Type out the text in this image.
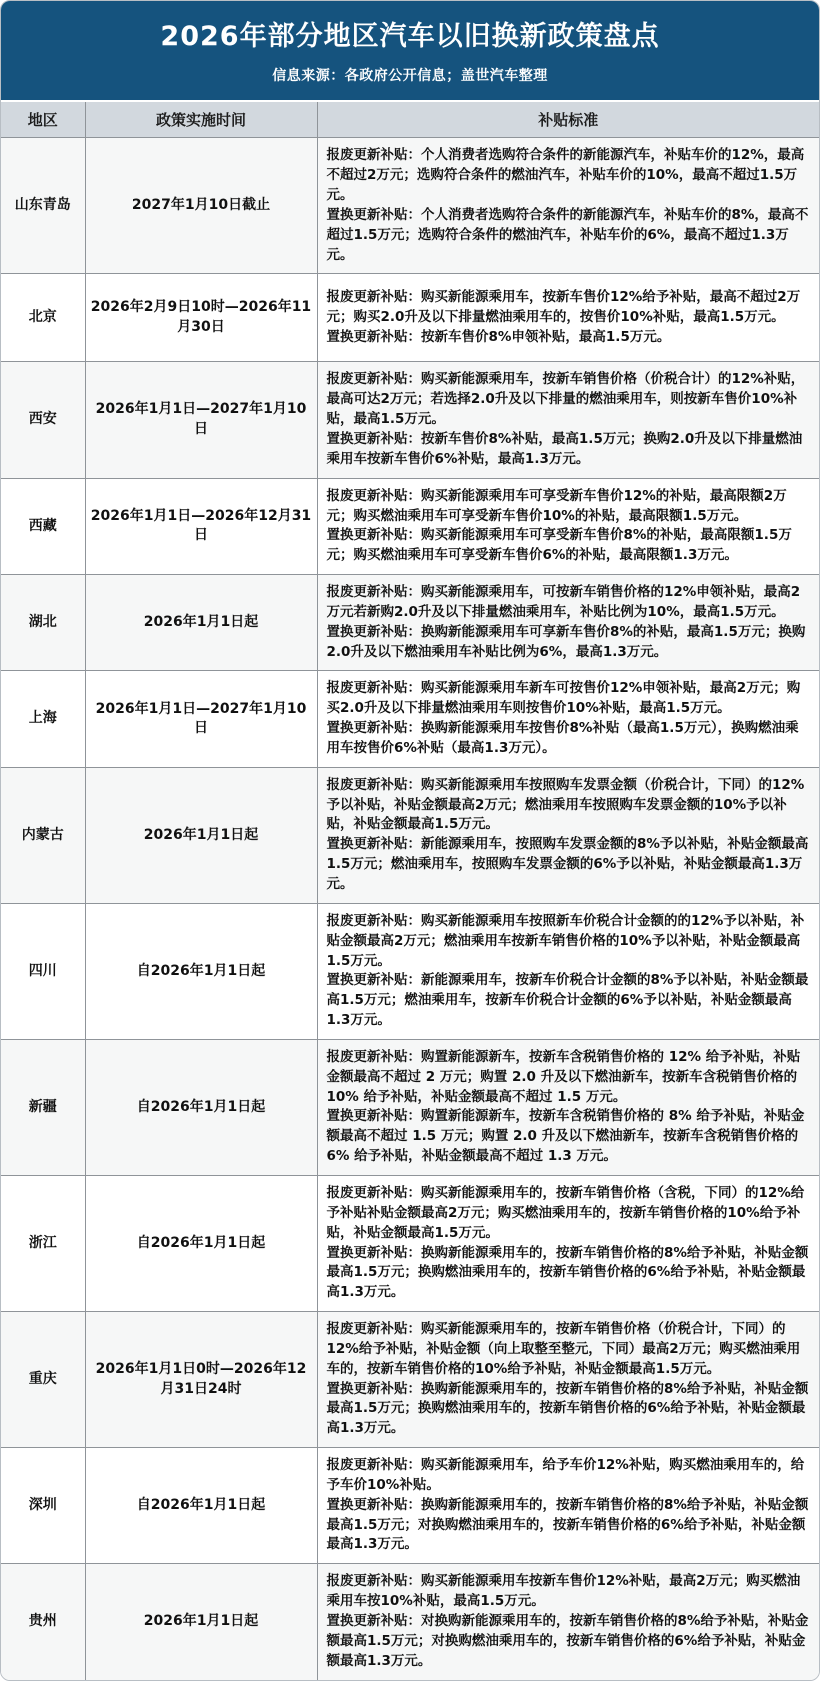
2026年部分地区汽车以旧换新政策盘点
信息来源：各政府公开信息；盖世汽车整理
地区	政策实施时间	补贴标准
山东青岛	2027年1月10日截止	报废更新补贴：个人消费者选购符合条件的新能源汽车，补贴车价的12%，最高不超过2万元；选购符合条件的燃油汽车，补贴车价的10%，最高不超过1.5万元。
置换更新补贴：个人消费者选购符合条件的新能源汽车，补贴车价的8%，最高不超过1.5万元；选购符合条件的燃油汽车，补贴车价的6%，最高不超过1.3万元。

北京	2026年2月9日10时—2026年11月30日	报废更新补贴：购买新能源乘用车，按新车售价12%给予补贴，最高不超过2万元；购买2.0升及以下排量燃油乘用车的，按售价10%补贴，最高1.5万元。
置换更新补贴：按新车售价8%申领补贴，最高1.5万元。

西安	2026年1月1日—2027年1月10日	报废更新补贴：购买新能源乘用车，按新车销售价格（价税合计）的12%补贴，最高可达2万元；若选择2.0升及以下排量的燃油乘用车，则按新车售价10%补贴，最高1.5万元。
置换更新补贴：按新车售价8%补贴，最高1.5万元；换购2.0升及以下排量燃油乘用车按新车售价6%补贴，最高1.3万元。

西藏	2026年1月1日—2026年12月31日	报废更新补贴：购买新能源乘用车可享受新车售价12%的补贴，最高限额2万元；购买燃油乘用车可享受新车售价10%的补贴，最高限额1.5万元。
置换更新补贴：购买新能源乘用车可享受新车售价8%的补贴，最高限额1.5万元；购买燃油乘用车可享受新车售价6%的补贴，最高限额1.3万元。

湖北	2026年1月1日起	报废更新补贴：购买新能源乘用车，可按新车销售价格的12%申领补贴，最高2万元若新购2.0升及以下排量燃油乘用车，补贴比例为10%，最高1.5万元。
置换更新补贴：换购新能源乘用车可享新车售价8%的补贴，最高1.5万元；换购2.0升及以下燃油乘用车补贴比例为6%，最高1.3万元。

上海	2026年1月1日—2027年1月10日	报废更新补贴：购买新能源乘用车新车可按售价12%申领补贴，最高2万元；购买2.0升及以下排量燃油乘用车则按售价10%补贴，最高1.5万元。
置换更新补贴：换购新能源乘用车按售价8%补贴（最高1.5万元），换购燃油乘用车按售价6%补贴（最高1.3万元）。

内蒙古	2026年1月1日起	报废更新补贴：购买新能源乘用车按照购车发票金额（价税合计，下同）的12%予以补贴，补贴金额最高2万元；燃油乘用车按照购车发票金额的10%予以补贴，补贴金额最高1.5万元。
置换更新补贴：新能源乘用车，按照购车发票金额的8%予以补贴，补贴金额最高1.5万元；燃油乘用车，按照购车发票金额的6%予以补贴，补贴金额最高1.3万元。

四川	自2026年1月1日起	报废更新补贴：购买新能源乘用车按照新车价税合计金额的的12%予以补贴，补贴金额最高2万元；燃油乘用车按新车销售价格的10%予以补贴，补贴金额最高1.5万元。
置换更新补贴：新能源乘用车，按新车价税合计金额的8%予以补贴，补贴金额最高1.5万元；燃油乘用车，按新车价税合计金额的6%予以补贴，补贴金额最高1.3万元。

新疆	自2026年1月1日起	报废更新补贴：购置新能源新车，按新车含税销售价格的 12% 给予补贴，补贴金额最高不超过 2 万元；购置 2.0 升及以下燃油新车，按新车含税销售价格的 10% 给予补贴，补贴金额最高不超过 1.5 万元。
置换更新补贴：购置新能源新车，按新车含税销售价格的 8% 给予补贴，补贴金额最高不超过 1.5 万元；购置 2.0 升及以下燃油新车，按新车含税销售价格的 6% 给予补贴，补贴金额最高不超过 1.3 万元。

浙江	自2026年1月1日起	报废更新补贴：购买新能源乘用车的，按新车销售价格（含税，下同）的12%给予补贴补贴金额最高2万元；购买燃油乘用车的，按新车销售价格的10%给予补贴，补贴金额最高1.5万元。
置换更新补贴：换购新能源乘用车的，按新车销售价格的8%给予补贴，补贴金额最高1.5万元；换购燃油乘用车的，按新车销售价格的6%给予补贴，补贴金额最高1.3万元。

重庆	2026年1月1日0时—2026年12月31日24时	报废更新补贴：购买新能源乘用车的，按新车销售价格（价税合计，下同）的12%给予补贴，补贴金额（向上取整至整元，下同）最高2万元；购买燃油乘用车的，按新车销售价格的10%给予补贴，补贴金额最高1.5万元。
置换更新补贴：换购新能源乘用车的，按新车销售价格的8%给予补贴，补贴金额最高1.5万元；换购燃油乘用车的，按新车销售价格的6%给予补贴，补贴金额最高1.3万元。

深圳	自2026年1月1日起	报废更新补贴：购买新能源乘用车，给予车价12%补贴，购买燃油乘用车的，给予车价10%补贴。
置换更新补贴：换购新能源乘用车的，按新车销售价格的8%给予补贴，补贴金额最高1.5万元；对换购燃油乘用车的，按新车销售价格的6%给予补贴，补贴金额最高1.3万元。

贵州	2026年1月1日起	报废更新补贴：购买新能源乘用车按新车售价12%补贴，最高2万元；购买燃油乘用车按10%补贴，最高1.5万元。
置换更新补贴：对换购新能源乘用车的，按新车销售价格的8%给予补贴，补贴金额最高1.5万元；对换购燃油乘用车的，按新车销售价格的6%给予补贴，补贴金额最高1.3万元。
